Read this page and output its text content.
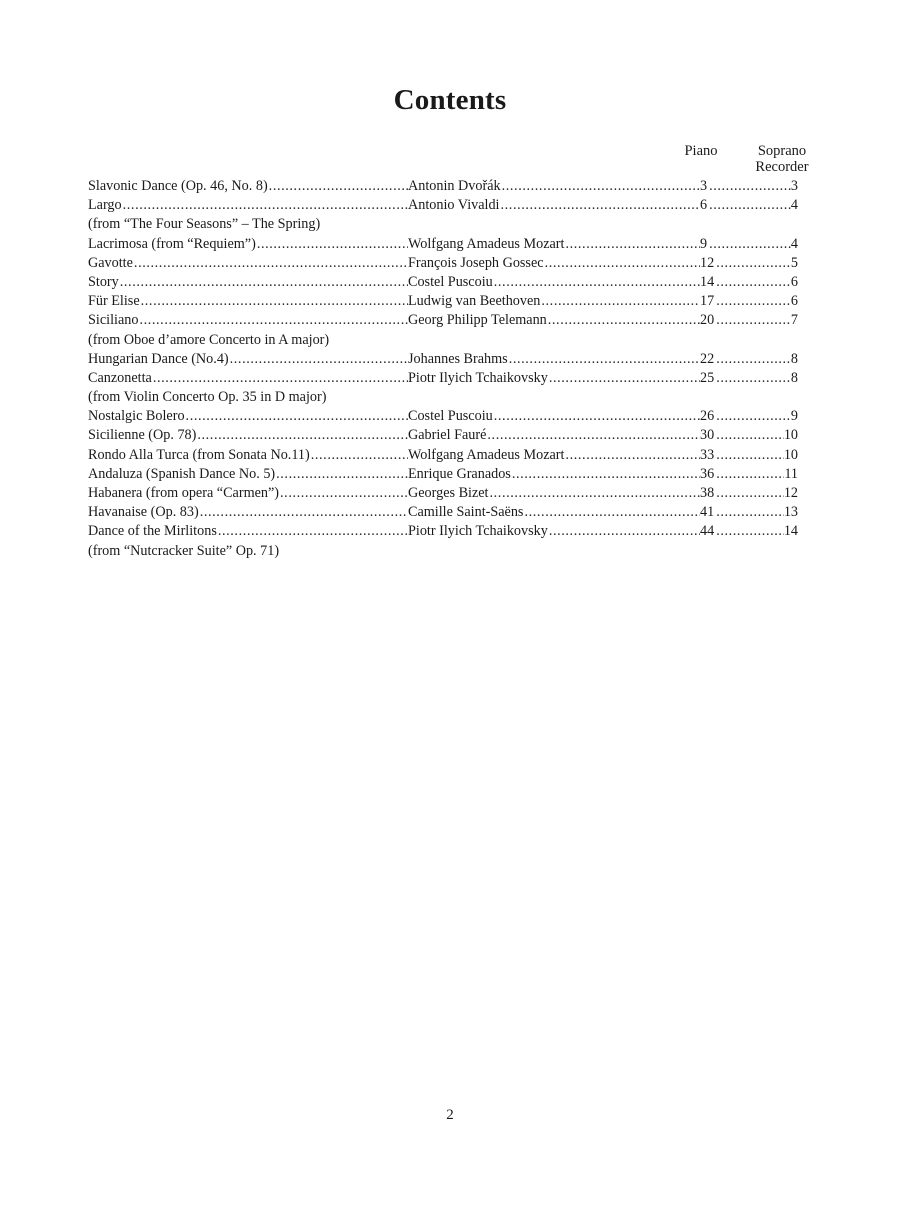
Contents
Piano	Soprano
Recorder
Slavonic Dance (Op. 46, No. 8) .....	Antonin Dvořák .....	3 .....	3
Largo .....	Antonio Vivaldi .....	6 .....	4
(from “The Four Seasons” – The Spring)
Lacrimosa (from “Requiem”) .....	Wolfgang Amadeus Mozart .....	9 .....	4
Gavotte .....	François Joseph Gossec .....	12 .....	5
Story .....	Costel Puscoiu .....	14 .....	6
Für Elise .....	Ludwig van Beethoven .....	17 .....	6
Siciliano .....	Georg Philipp Telemann .....	20 .....	7
(from Oboe d’amore Concerto in A major)
Hungarian Dance (No.4) .....	Johannes Brahms .....	22 .....	8
Canzonetta .....	Piotr Ilyich Tchaikovsky .....	25 .....	8
(from Violin Concerto Op. 35 in D major)
Nostalgic Bolero .....	Costel Puscoiu .....	26 .....	9
Sicilienne (Op. 78) .....	Gabriel Fauré .....	30 .....	10
Rondo Alla Turca (from Sonata No.11) .....	Wolfgang Amadeus Mozart .....	33 .....	10
Andaluza (Spanish Dance No. 5) .....	Enrique Granados .....	36 .....	11
Habanera (from opera “Carmen”) .....	Georges Bizet .....	38 .....	12
Havanaise (Op. 83) .....	Camille Saint-Saëns .....	41 .....	13
Dance of the Mirlitons .....	Piotr Ilyich Tchaikovsky .....	44 .....	14
(from “Nutcracker Suite” Op. 71)
2
